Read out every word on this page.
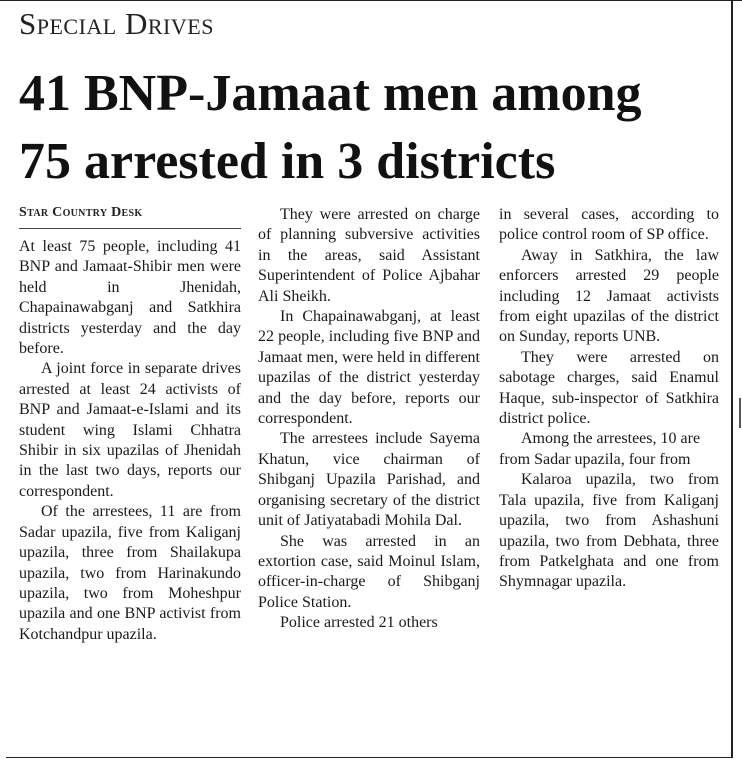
Special Drives
41 BNP-Jamaat men among
75 arrested in 3 districts
Star Country Desk

At least 75 people, including 41 BNP and Jamaat-Shibir men were held in Jhenidah, Chapainawabganj and Satkhira districts yesterday and the day before.

A joint force in separate drives arrested at least 24 activists of BNP and Jamaat-e-Islami and its student wing Islami Chhatra Shibir in six upazilas of Jhenidah in the last two days, reports our correspondent.

Of the arrestees, 11 are from Sadar upazila, five from Kaliganj upazila, three from Shailakupa upazila, two from Harinakundo upazila, two from Moheshpur upazila and one BNP activist from Kotchandpur upazila.

They were arrested on charge of planning subversive activities in the areas, said Assistant Superintendent of Police Ajbahar Ali Sheikh.

In Chapainawabganj, at least 22 people, including five BNP and Jamaat men, were held in different upazilas of the district yesterday and the day before, reports our correspondent.

The arrestees include Sayema Khatun, vice chairman of Shibganj Upazila Parishad, and organising secretary of the district unit of Jatiyatabadi Mohila Dal.

She was arrested in an extortion case, said Moinul Islam, officer-in-charge of Shibganj Police Station.

Police arrested 21 others

in several cases, according to police control room of SP office.

Away in Satkhira, the law enforcers arrested 29 people including 12 Jamaat activists from eight upazilas of the district on Sunday, reports UNB.

They were arrested on sabotage charges, said Enamul Haque, sub-inspector of Satkhira district police.

Among the arrestees, 10 are from Sadar upazila, four from

Kalaroa upazila, two from Tala upazila, five from Kaliganj upazila, two from Ashashuni upazila, two from Debhata, three from Patkelghata and one from Shymnagar upazila.
